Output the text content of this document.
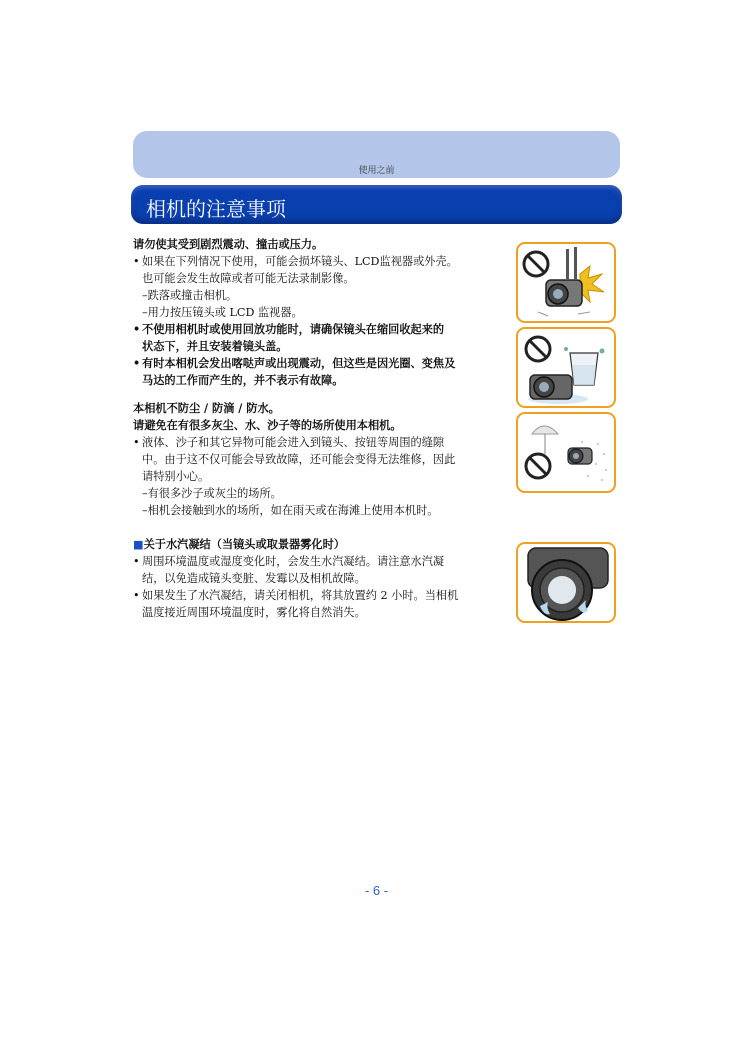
使用之前
相机的注意事项
请勿使其受到剧烈震动、撞击或压力。
• 如果在下列情况下使用，可能会损坏镜头、LCD监视器或外壳。
也可能会发生故障或者可能无法录制影像。
–跌落或撞击相机。
–用力按压镜头或 LCD 监视器。
• 不使用相机时或使用回放功能时，请确保镜头在缩回收起来的
状态下，并且安装着镜头盖。
• 有时本相机会发出喀哒声或出现震动，但这些是因光圈、变焦及
马达的工作而产生的，并不表示有故障。
本相机不防尘 / 防滴 / 防水。
请避免在有很多灰尘、水、沙子等的场所使用本相机。
• 液体、沙子和其它异物可能会进入到镜头、按钮等周围的缝隙
中。由于这不仅可能会导致故障，还可能会变得无法维修，因此
请特别小心。
–有很多沙子或灰尘的场所。
–相机会接触到水的场所，如在雨天或在海滩上使用本机时。
■关于水汽凝结（当镜头或取景器雾化时）
• 周围环境温度或湿度变化时，会发生水汽凝结。请注意水汽凝
结，以免造成镜头变脏、发霉以及相机故障。
• 如果发生了水汽凝结，请关闭相机，将其放置约 2 小时。当相机
温度接近周围环境温度时，雾化将自然消失。
- 6 -
